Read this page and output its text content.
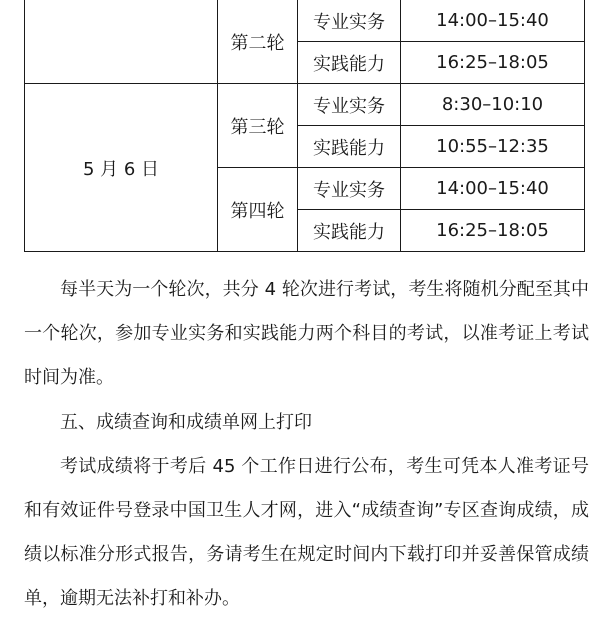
	第二轮	专业实务	14:00–15:40
		实践能力	16:25–18:05
5 月 6 日	第三轮	专业实务	8:30–10:10
		实践能力	10:55–12:35
	第四轮	专业实务	14:00–15:40
		实践能力	16:25–18:05

每半天为一个轮次，共分 4 轮次进行考试，考生将随机分配至其中一个轮次，参加专业实务和实践能力两个科目的考试，以准考证上考试时间为准。

五、成绩查询和成绩单网上打印

考试成绩将于考后 45 个工作日进行公布，考生可凭本人准考证号和有效证件号登录中国卫生人才网，进入“成绩查询”专区查询成绩，成绩以标准分形式报告，务请考生在规定时间内下载打印并妥善保管成绩单，逾期无法补打和补办。
